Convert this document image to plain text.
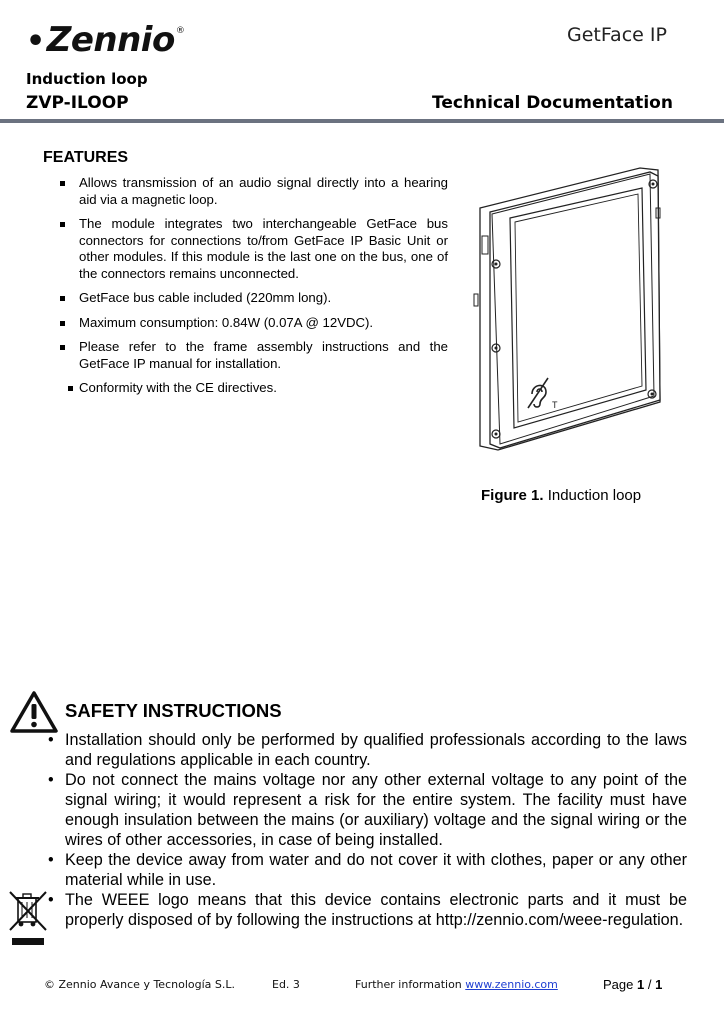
•Zennio®	GetFace IP
Induction loop
ZVP-ILOOP	Technical Documentation
FEATURES
Allows transmission of an audio signal directly into a hearing aid via a magnetic loop.
The module integrates two interchangeable GetFace bus connectors for connections to/from GetFace IP Basic Unit or other modules. If this module is the last one on the bus, one of the connectors remains unconnected.
GetFace bus cable included (220mm long).
Maximum consumption: 0.84W (0.07A @ 12VDC).
Please refer to the frame assembly instructions and the GetFace IP manual for installation.
Conformity with the CE directives.
T
Figure 1. Induction loop
SAFETY INSTRUCTIONS
• Installation should only be performed by qualified professionals according to the laws and regulations applicable in each country.
• Do not connect the mains voltage nor any other external voltage to any point of the signal wiring; it would represent a risk for the entire system. The facility must have enough insulation between the mains (or auxiliary) voltage and the signal wiring or the wires of other accessories, in case of being installed.
• Keep the device away from water and do not cover it with clothes, paper or any other material while in use.
• The WEEE logo means that this device contains electronic parts and it must be properly disposed of by following the instructions at http://zennio.com/weee-regulation.
© Zennio Avance y Tecnología S.L.	Ed. 3	Further information www.zennio.com	Page 1 / 1
